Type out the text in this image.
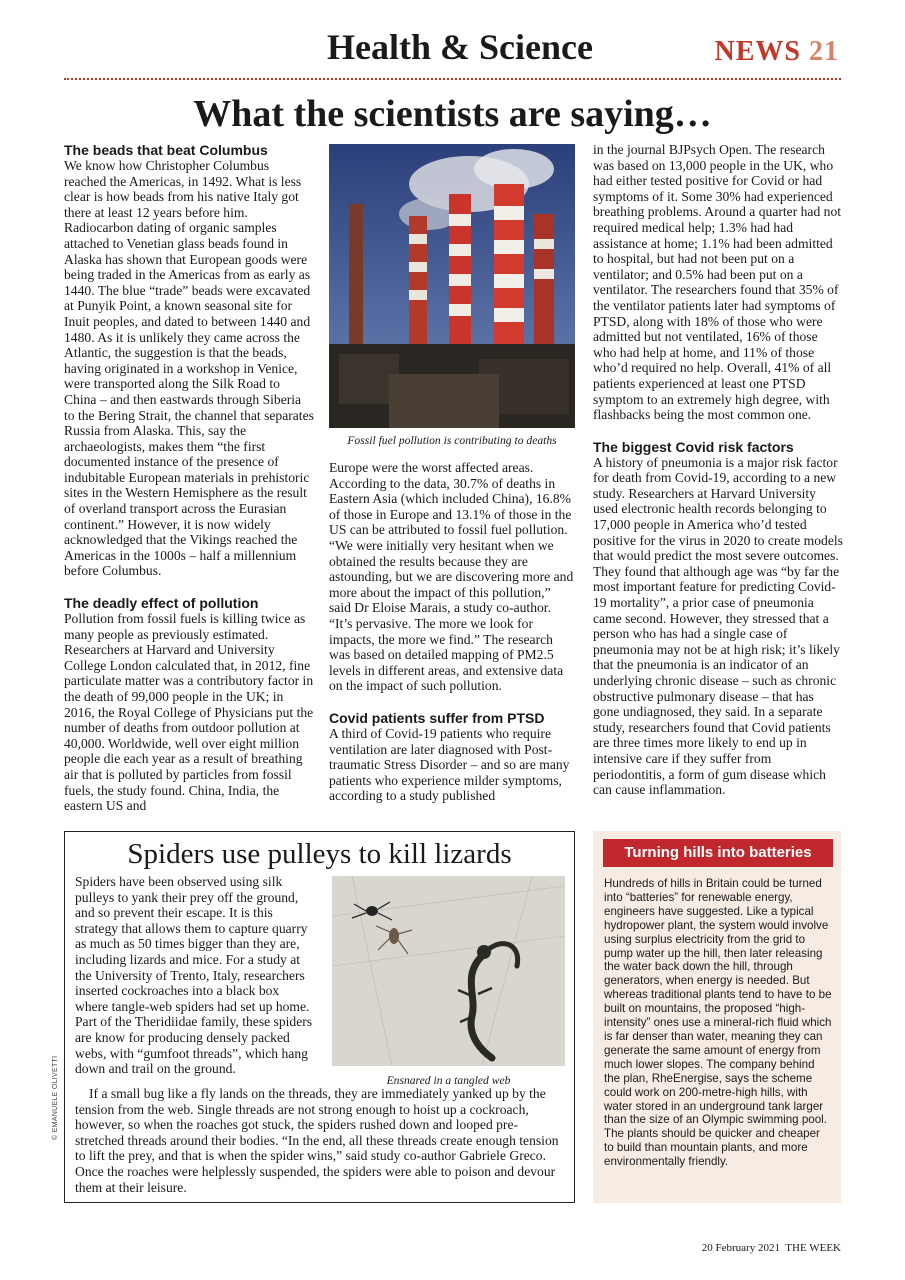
Health & Science	NEWS 21
What the scientists are saying…
The beads that beat Columbus

We know how Christopher Columbus reached the Americas, in 1492. What is less clear is how beads from his native Italy got there at least 12 years before him. Radiocarbon dating of organic samples attached to Venetian glass beads found in Alaska has shown that European goods were being traded in the Americas from as early as 1440. The blue “trade” beads were excavated at Punyik Point, a known seasonal site for Inuit peoples, and dated to between 1440 and 1480. As it is unlikely they came across the Atlantic, the suggestion is that the beads, having originated in a workshop in Venice, were transported along the Silk Road to China – and then eastwards through Siberia to the Bering Strait, the channel that separates Russia from Alaska. This, say the archaeologists, makes them “the first documented instance of the presence of indubitable European materials in prehistoric sites in the Western Hemisphere as the result of overland transport across the Eurasian continent.” However, it is now widely acknowledged that the Vikings reached the Americas in the 1000s – half a millennium before Columbus.

The deadly effect of pollution

Pollution from fossil fuels is killing twice as many people as previously estimated. Researchers at Harvard and University College London calculated that, in 2012, fine particulate matter was a contributory factor in the death of 99,000 people in the UK; in 2016, the Royal College of Physicians put the number of deaths from outdoor pollution at 40,000. Worldwide, well over eight million people die each year as a result of breathing air that is polluted by particles from fossil fuels, the study found. China, India, the eastern US and

Fossil fuel pollution is contributing to deaths

Europe were the worst affected areas. According to the data, 30.7% of deaths in Eastern Asia (which included China), 16.8% of those in Europe and 13.1% of those in the US can be attributed to fossil fuel pollution. “We were initially very hesitant when we obtained the results because they are astounding, but we are discovering more and more about the impact of this pollution,” said Dr Eloise Marais, a study co-author. “It’s pervasive. The more we look for impacts, the more we find.” The research was based on detailed mapping of PM2.5 levels in different areas, and extensive data on the impact of such pollution.

Covid patients suffer from PTSD

A third of Covid-19 patients who require ventilation are later diagnosed with Post-traumatic Stress Disorder – and so are many patients who experience milder symptoms, according to a study published

in the journal BJPsych Open. The research was based on 13,000 people in the UK, who had either tested positive for Covid or had symptoms of it. Some 30% had experienced breathing problems. Around a quarter had not required medical help; 1.3% had had assistance at home; 1.1% had been admitted to hospital, but had not been put on a ventilator; and 0.5% had been put on a ventilator. The researchers found that 35% of the ventilator patients later had symptoms of PTSD, along with 18% of those who were admitted but not ventilated, 16% of those who had help at home, and 11% of those who’d required no help. Overall, 41% of all patients experienced at least one PTSD symptom to an extremely high degree, with flashbacks being the most common one.

The biggest Covid risk factors

A history of pneumonia is a major risk factor for death from Covid-19, according to a new study. Researchers at Harvard University used electronic health records belonging to 17,000 people in America who’d tested positive for the virus in 2020 to create models that would predict the most severe outcomes. They found that although age was “by far the most important feature for predicting Covid-19 mortality”, a prior case of pneumonia came second. However, they stressed that a person who has had a single case of pneumonia may not be at high risk; it’s likely that the pneumonia is an indicator of an underlying chronic disease – such as chronic obstructive pulmonary disease – that has gone undiagnosed, they said. In a separate study, researchers found that Covid patients are three times more likely to end up in intensive care if they suffer from periodontitis, a form of gum disease which can cause inflammation.

Spiders use pulleys to kill lizards

Spiders have been observed using silk pulleys to yank their prey off the ground, and so prevent their escape. It is this strategy that allows them to capture quarry as much as 50 times bigger than they are, including lizards and mice. For a study at the University of Trento, Italy, researchers inserted cockroaches into a black box where tangle-web spiders had set up home. Part of the Theridiidae family, these spiders are know for producing densely packed webs, with “gumfoot threads”, which hang down and trail on the ground.

Ensnared in a tangled web

If a small bug like a fly lands on the threads, they are immediately yanked up by the tension from the web. Single threads are not strong enough to hoist up a cockroach, however, so when the roaches got stuck, the spiders rushed down and looped pre-stretched threads around their bodies. “In the end, all these threads create enough tension to lift the prey, and that is when the spider wins,” said study co-author Gabriele Greco. Once the roaches were helplessly suspended, the spiders were able to poison and devour them at their leisure.

© EMANUELE OLIVETTI
Turning hills into batteries

Hundreds of hills in Britain could be turned into “batteries” for renewable energy, engineers have suggested. Like a typical hydropower plant, the system would involve using surplus electricity from the grid to pump water up the hill, then later releasing the water back down the hill, through generators, when energy is needed. But whereas traditional plants tend to have to be built on mountains, the proposed “high-intensity” ones use a mineral-rich fluid which is far denser than water, meaning they can generate the same amount of energy from much lower slopes. The company behind the plan, RheEnergise, says the scheme could work on 200-metre-high hills, with water stored in an underground tank larger than the size of an Olympic swimming pool. The plants should be quicker and cheaper to build than mountain plants, and more environmentally friendly.

20 February 2021 THE WEEK
